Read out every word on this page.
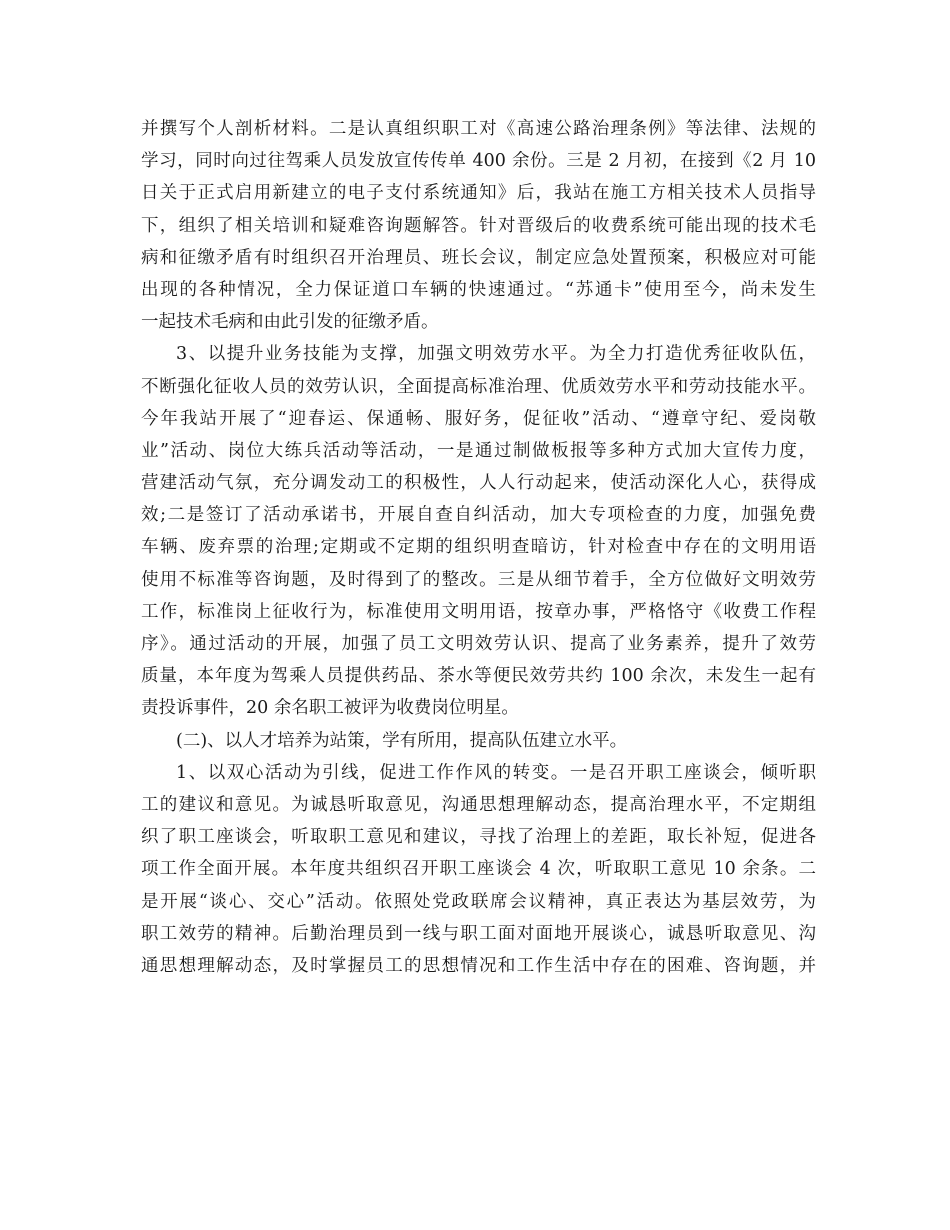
并撰写个人剖析材料。二是认真组织职工对《高速公路治理条例》等法律、法规的
学习，同时向过往驾乘人员发放宣传传单 400 余份。三是 2 月初，在接到《2 月 10
日关于正式启用新建立的电子支付系统通知》后，我站在施工方相关技术人员指导
下，组织了相关培训和疑难咨询题解答。针对晋级后的收费系统可能出现的技术毛
病和征缴矛盾有时组织召开治理员、班长会议，制定应急处置预案，积极应对可能
出现的各种情况，全力保证道口车辆的快速通过。“苏通卡”使用至今，尚未发生
一起技术毛病和由此引发的征缴矛盾。
3、以提升业务技能为支撑，加强文明效劳水平。为全力打造优秀征收队伍，
不断强化征收人员的效劳认识，全面提高标准治理、优质效劳水平和劳动技能水平。
今年我站开展了“迎春运、保通畅、服好务，促征收”活动、“遵章守纪、爱岗敬
业”活动、岗位大练兵活动等活动，一是通过制做板报等多种方式加大宣传力度，
营建活动气氛，充分调发动工的积极性，人人行动起来，使活动深化人心，获得成
效;二是签订了活动承诺书，开展自查自纠活动，加大专项检查的力度，加强免费
车辆、废弃票的治理;定期或不定期的组织明查暗访，针对检查中存在的文明用语
使用不标准等咨询题，及时得到了的整改。三是从细节着手，全方位做好文明效劳
工作，标准岗上征收行为，标准使用文明用语，按章办事，严格恪守《收费工作程
序》。通过活动的开展，加强了员工文明效劳认识、提高了业务素养，提升了效劳
质量，本年度为驾乘人员提供药品、茶水等便民效劳共约 100 余次，未发生一起有
责投诉事件，20 余名职工被评为收费岗位明星。
(二)、以人才培养为站策，学有所用，提高队伍建立水平。
1、以双心活动为引线，促进工作作风的转变。一是召开职工座谈会，倾听职
工的建议和意见。为诚恳听取意见，沟通思想理解动态，提高治理水平，不定期组
织了职工座谈会，听取职工意见和建议，寻找了治理上的差距，取长补短，促进各
项工作全面开展。本年度共组织召开职工座谈会 4 次，听取职工意见 10 余条。二
是开展“谈心、交心”活动。依照处党政联席会议精神，真正表达为基层效劳，为
职工效劳的精神。后勤治理员到一线与职工面对面地开展谈心，诚恳听取意见、沟
通思想理解动态，及时掌握员工的思想情况和工作生活中存在的困难、咨询题，并
